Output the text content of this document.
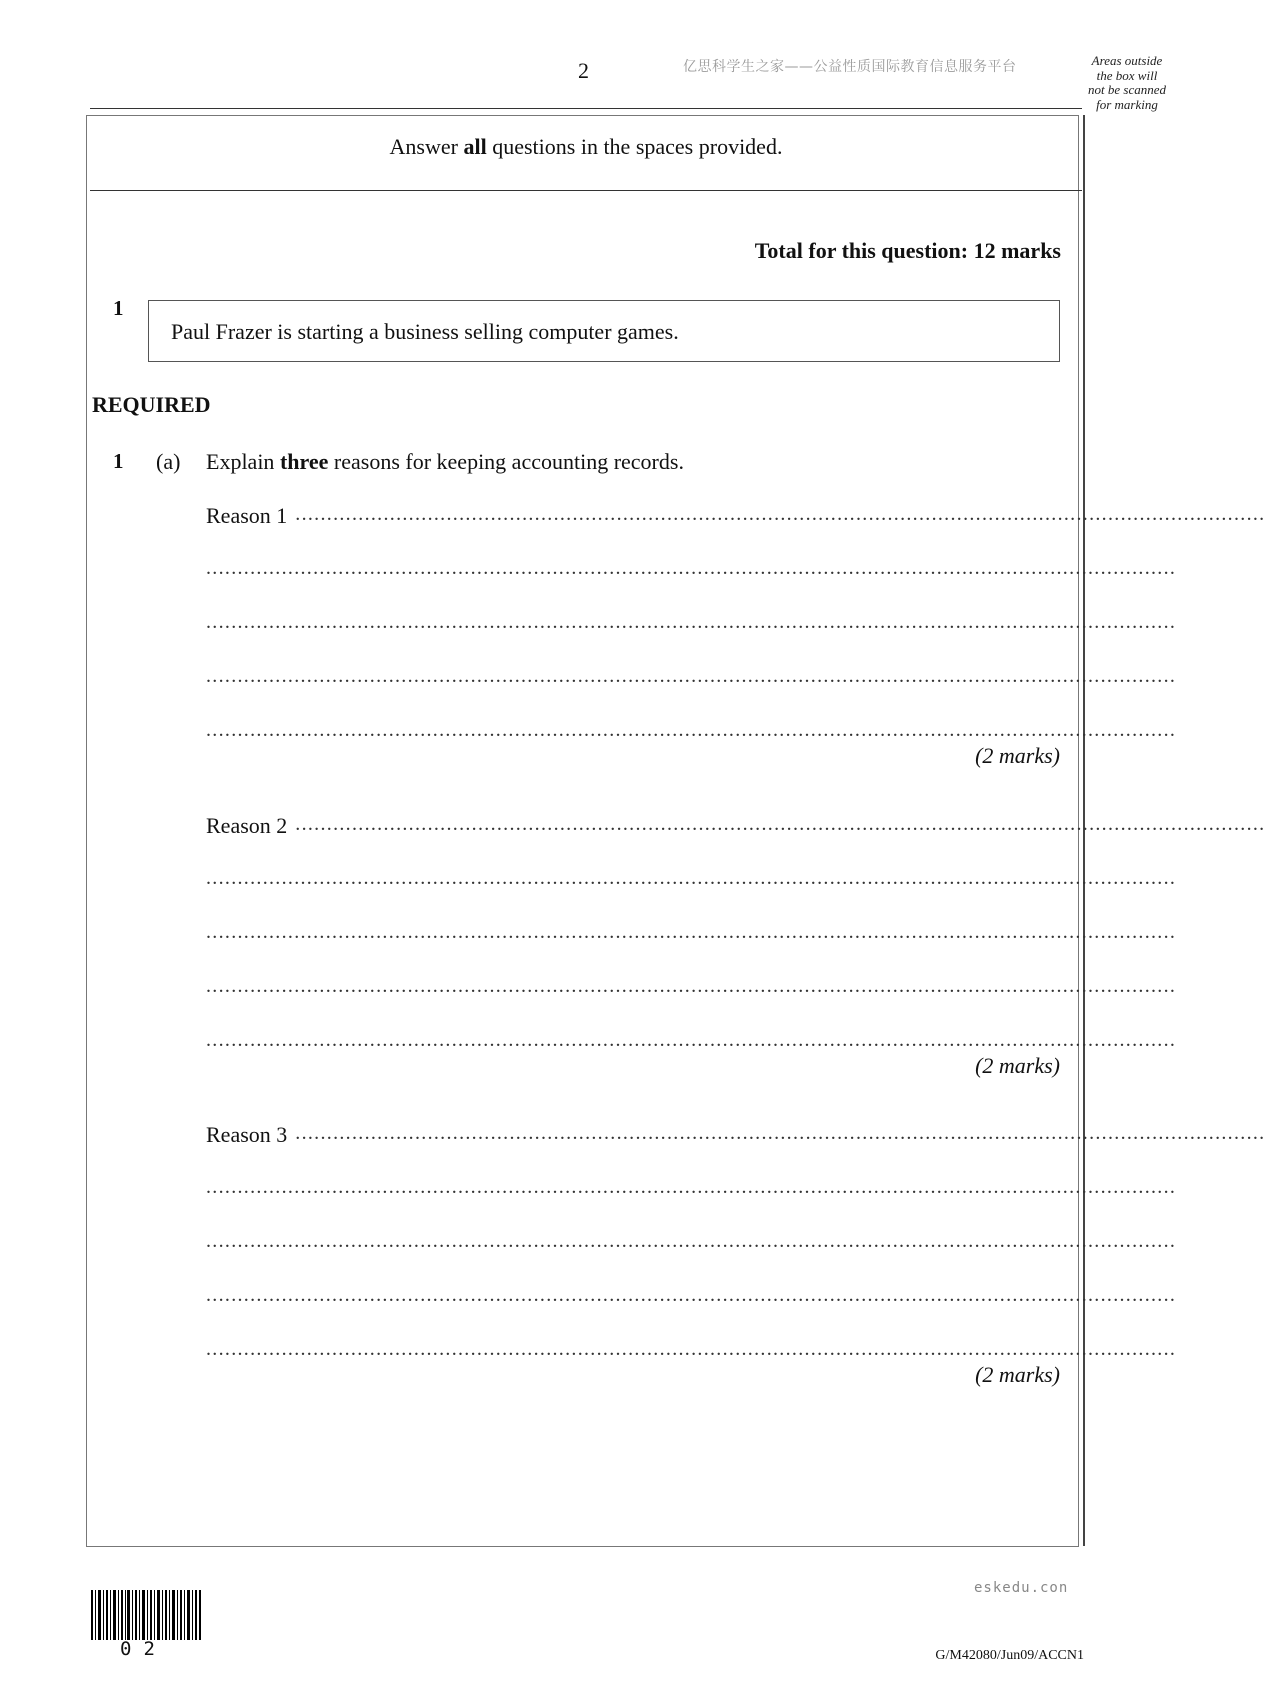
2	亿思科学生之家——公益性质国际教育信息服务平台	Areas outside
the box will
not be scanned
for marking
Answer all questions in the spaces provided.
Total for this question: 12 marks
1
Paul Frazer is starting a business selling computer games.
REQUIRED
1 (a) Explain three reasons for keeping accounting records.
Reason 1 ..........................................................................................................................................................
..........................................................................................................................................................
..........................................................................................................................................................
..........................................................................................................................................................
..........................................................................................................................................................
(2 marks)
Reason 2 ..........................................................................................................................................................
..........................................................................................................................................................
..........................................................................................................................................................
..........................................................................................................................................................
..........................................................................................................................................................
(2 marks)
Reason 3 ..........................................................................................................................................................
..........................................................................................................................................................
..........................................................................................................................................................
..........................................................................................................................................................
..........................................................................................................................................................
(2 marks)
eskedu.con
02	G/M42080/Jun09/ACCN1
